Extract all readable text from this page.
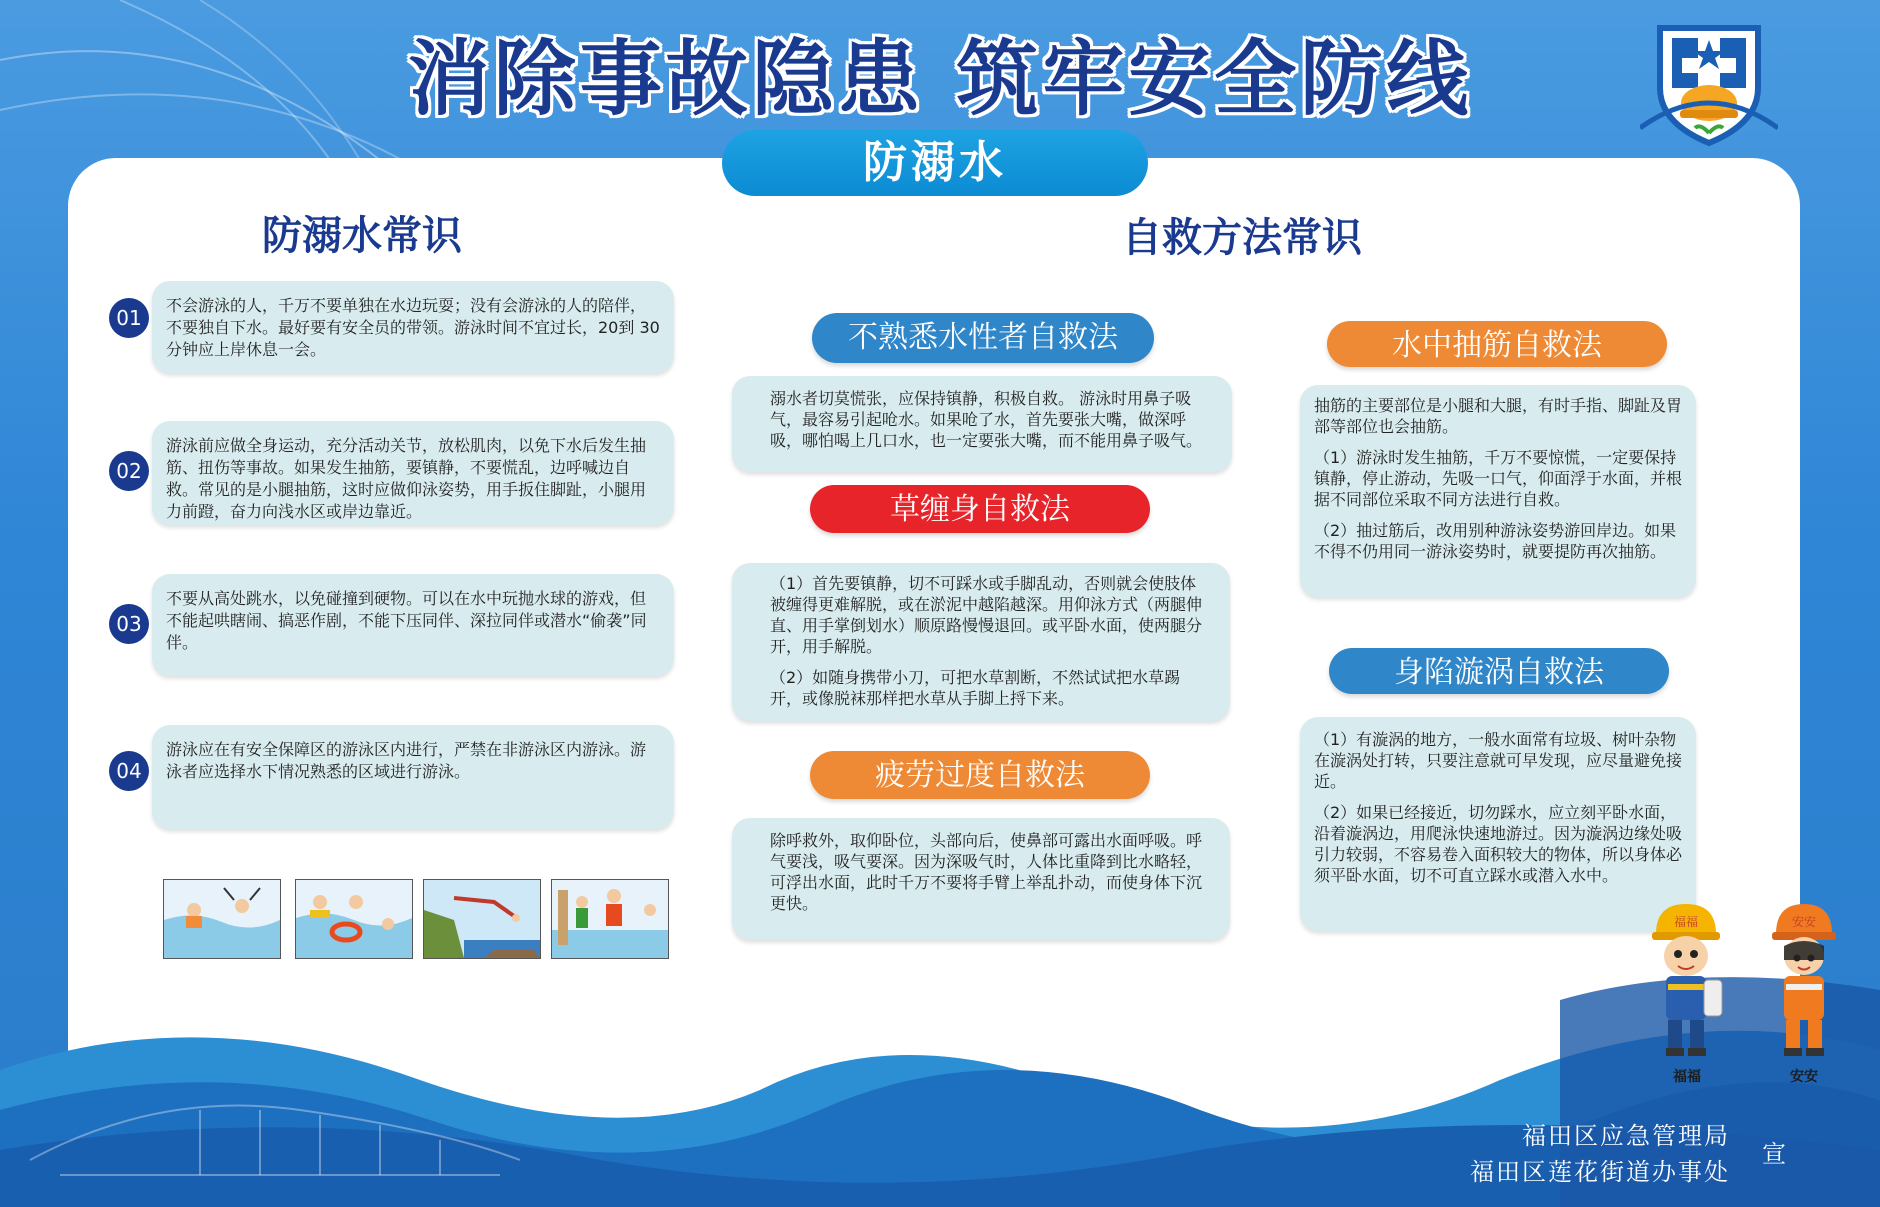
消除事故隐患 筑牢安全防线
防溺水
防溺水常识	自救方法常识
01

不会游泳的人，千万不要单独在水边玩耍；没有会游泳的人的陪伴，不要独自下水。最好要有安全员的带领。游泳时间不宜过长，20到 30 分钟应上岸休息一会。

02

游泳前应做全身运动，充分活动关节，放松肌肉，以免下水后发生抽筋、扭伤等事故。如果发生抽筋，要镇静，不要慌乱，边呼喊边自救。常见的是小腿抽筋，这时应做仰泳姿势，用手扳住脚趾，小腿用力前蹬，奋力向浅水区或岸边靠近。

03

不要从高处跳水，以免碰撞到硬物。可以在水中玩抛水球的游戏，但不能起哄瞎闹、搞恶作剧，不能下压同伴、深拉同伴或潜水“偷袭”同伴。

04

游泳应在有安全保障区的游泳区内进行，严禁在非游泳区内游泳。游泳者应选择水下情况熟悉的区域进行游泳。

不熟悉水性者自救法

溺水者切莫慌张，应保持镇静，积极自救。 游泳时用鼻子吸气，最容易引起呛水。如果呛了水，首先要张大嘴，做深呼吸，哪怕喝上几口水，也一定要张大嘴，而不能用鼻子吸气。

草缠身自救法

（1）首先要镇静，切不可踩水或手脚乱动，否则就会使肢体被缠得更难解脱，或在淤泥中越陷越深。用仰泳方式（两腿伸直、用手掌倒划水）顺原路慢慢退回。或平卧水面，使两腿分开，用手解脱。

（2）如随身携带小刀，可把水草割断，不然试试把水草踢开，或像脱袜那样把水草从手脚上捋下来。

疲劳过度自救法

除呼救外，取仰卧位，头部向后，使鼻部可露出水面呼吸。呼气要浅，吸气要深。因为深吸气时，人体比重降到比水略轻，可浮出水面，此时千万不要将手臂上举乱扑动，而使身体下沉更快。

水中抽筋自救法

抽筋的主要部位是小腿和大腿，有时手指、脚趾及胃部等部位也会抽筋。

（1）游泳时发生抽筋，千万不要惊慌，一定要保持镇静，停止游动，先吸一口气，仰面浮于水面，并根据不同部位采取不同方法进行自救。

（2）抽过筋后，改用别种游泳姿势游回岸边。如果不得不仍用同一游泳姿势时，就要提防再次抽筋。

身陷漩涡自救法

（1）有漩涡的地方，一般水面常有垃圾、树叶杂物在漩涡处打转，只要注意就可早发现，应尽量避免接近。

（2）如果已经接近，切勿踩水，应立刻平卧水面，沿着漩涡边，用爬泳快速地游过。因为漩涡边缘处吸引力较弱，不容易卷入面积较大的物体，所以身体必须平卧水面，切不可直立踩水或潜入水中。

福福
福福
安安
安安
福田区应急管理局
福田区莲花街道办事处
宣
